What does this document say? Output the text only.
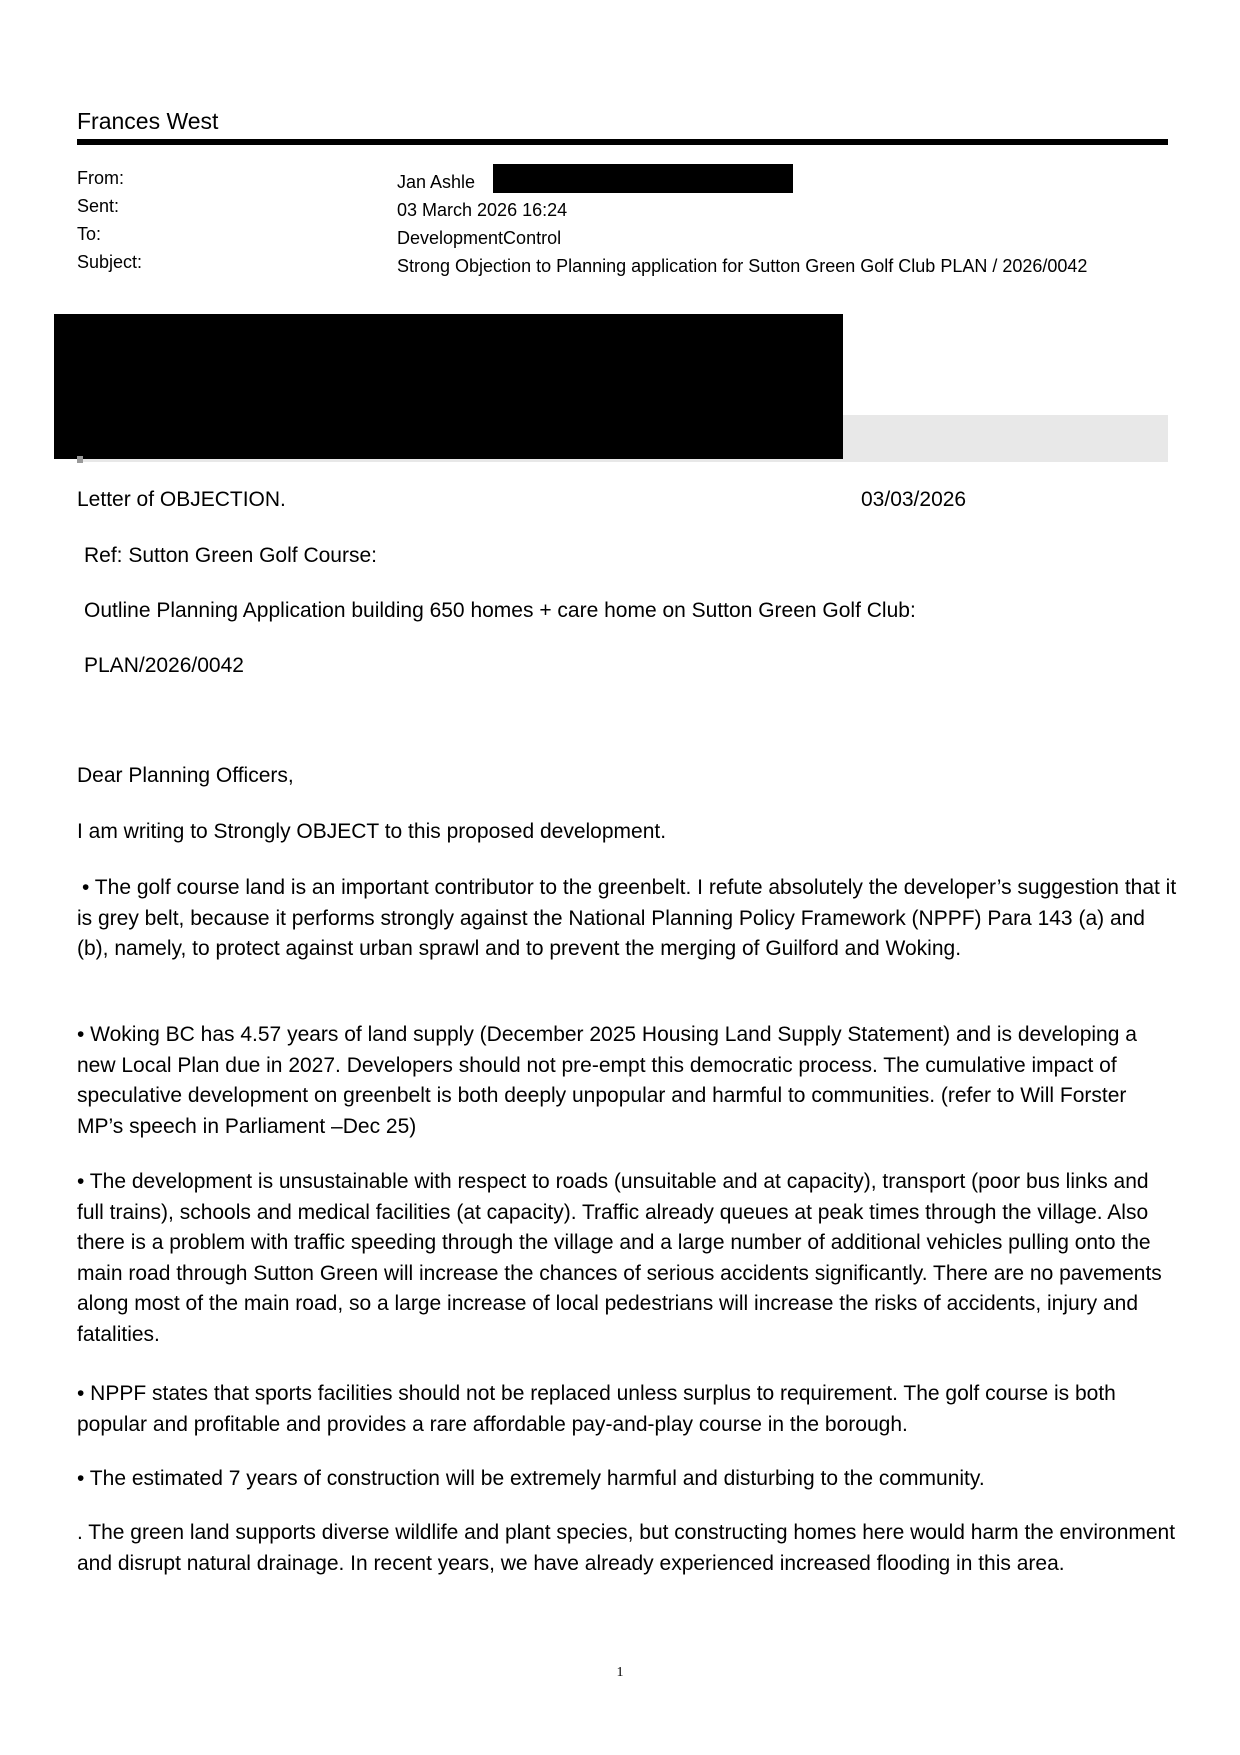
Frances West
From:	Jan Ashle
Sent:	03 March 2026 16:24
To:	DevelopmentControl
Subject:	Strong Objection to Planning application for Sutton Green Golf Club PLAN / 2026/0042
Letter of OBJECTION.	03/03/2026
Ref: Sutton Green Golf Course:
Outline Planning Application building 650 homes + care home on Sutton Green Golf Club:
PLAN/2026/0042
Dear Planning Officers,
I am writing to Strongly OBJECT to this proposed development.
• The golf course land is an important contributor to the greenbelt. I refute absolutely the developer’s suggestion that it is grey belt, because it performs strongly against the National Planning Policy Framework (NPPF) Para 143 (a) and (b), namely, to protect against urban sprawl and to prevent the merging of Guilford and Woking.
• Woking BC has 4.57 years of land supply (December 2025 Housing Land Supply Statement) and is developing a new Local Plan due in 2027. Developers should not pre-empt this democratic process. The cumulative impact of speculative development on greenbelt is both deeply unpopular and harmful to communities. (refer to Will Forster MP’s speech in Parliament –Dec 25)
• The development is unsustainable with respect to roads (unsuitable and at capacity), transport (poor bus links and full trains), schools and medical facilities (at capacity). Traffic already queues at peak times through the village. Also there is a problem with traffic speeding through the village and a large number of additional vehicles pulling onto the main road through Sutton Green will increase the chances of serious accidents significantly. There are no pavements along most of the main road, so a large increase of local pedestrians will increase the risks of accidents, injury and fatalities.
• NPPF states that sports facilities should not be replaced unless surplus to requirement. The golf course is both popular and profitable and provides a rare affordable pay-and-play course in the borough.
• The estimated 7 years of construction will be extremely harmful and disturbing to the community.
. The green land supports diverse wildlife and plant species, but constructing homes here would harm the environment and disrupt natural drainage. In recent years, we have already experienced increased flooding in this area.
1
